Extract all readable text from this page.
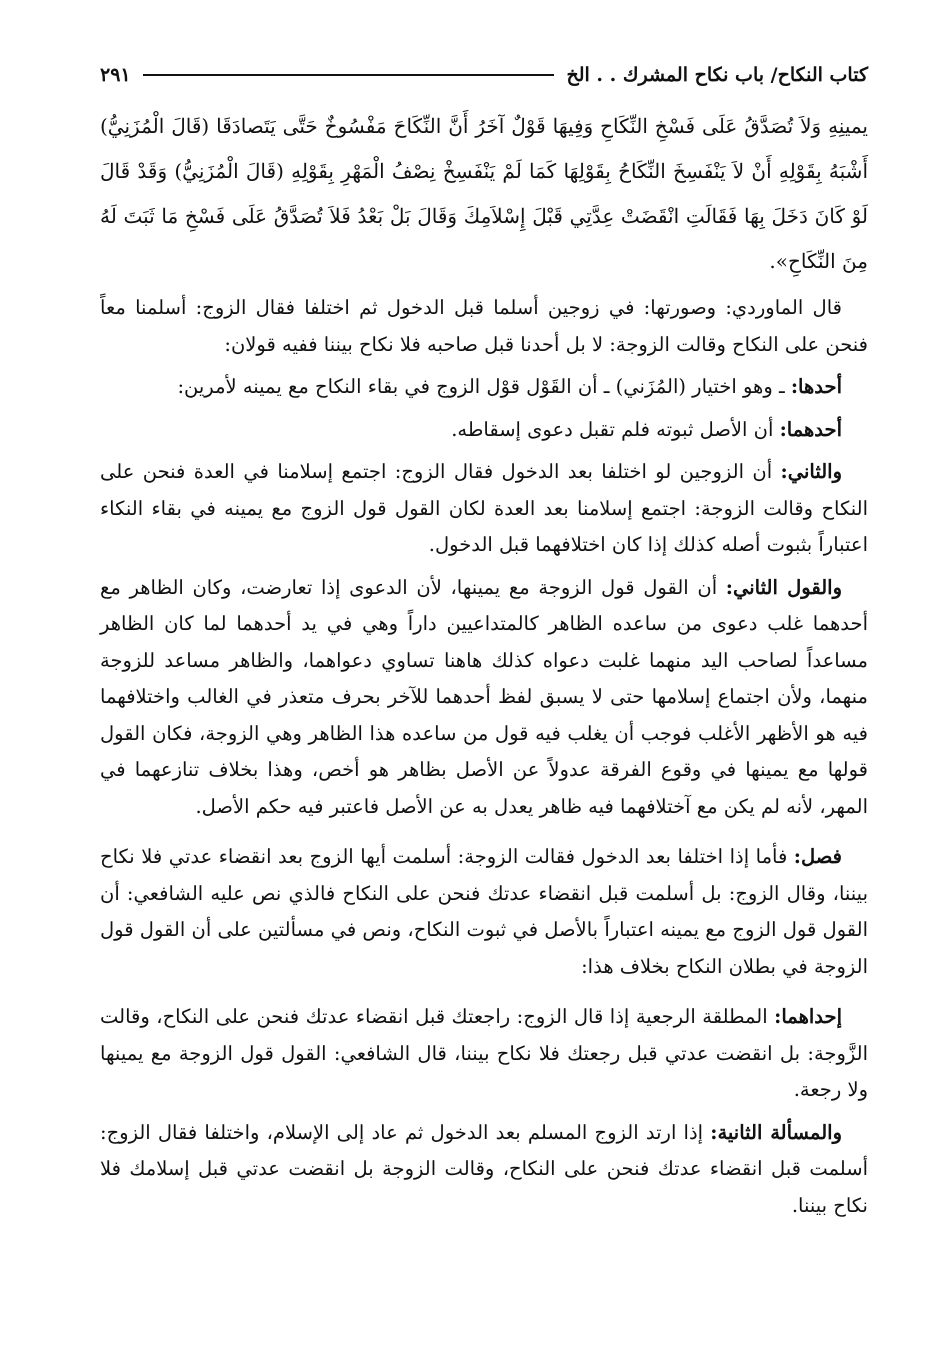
كتاب النكاح/ باب نكاح المشرك . . الخ
٢٩١

يمينِهِ وَلاَ تُصَدَّقُ عَلَى فَسْخِ النِّكَاحِ وَفِيهَا قَوْلٌ آخَرُ أَنَّ النِّكَاحَ مَفْسُوخٌ حَتَّى يَتَصادَقَا (قَالَ الْمُزَنِيُّ) أَشْبَهُ بِقَوْلِهِ أَنْ لاَ يَنْفَسِخَ النِّكَاحُ بِقَوْلِهَا كَمَا لَمْ يَنْفَسِخْ نِصْفُ الْمَهْرِ بِقَوْلِهِ (قَالَ الْمُزَنِيُّ) وَقَدْ قَالَ لَوْ كَانَ دَخَلَ بِهَا فَقَالَتِ انْقَضَتْ عِدَّتِي قَبْلَ إِسْلاَمِكَ وَقَالَ بَلْ بَعْدُ فَلاَ تُصَدَّقُ عَلَى فَسْخِ مَا ثَبَتَ لَهُ مِنَ النِّكَاحِ».

قال الماوردي: وصورتها: في زوجين أسلما قبل الدخول ثم اختلفا فقال الزوج: أسلمنا معاً فنحن على النكاح وقالت الزوجة: لا بل أحدنا قبل صاحبه فلا نكاح بيننا ففيه قولان:

أحدها: ـ وهو اختيار (المُزَني) ـ أن القَوْل قوْل الزوج في بقاء النكاح مع يمينه لأمرين:

أحدهما: أن الأصل ثبوته فلم تقبل دعوى إسقاطه.

والثاني: أن الزوجين لو اختلفا بعد الدخول فقال الزوج: اجتمع إسلامنا في العدة فنحن على النكاح وقالت الزوجة: اجتمع إسلامنا بعد العدة لكان القول قول الزوج مع يمينه في بقاء النكاء اعتباراً بثبوت أصله كذلك إذا كان اختلافهما قبل الدخول.

والقول الثاني: أن القول قول الزوجة مع يمينها، لأن الدعوى إذا تعارضت، وكان الظاهر مع أحدهما غلب دعوى من ساعده الظاهر كالمتداعيين داراً وهي في يد أحدهما لما كان الظاهر مساعداً لصاحب اليد منهما غلبت دعواه كذلك هاهنا تساوي دعواهما، والظاهر مساعد للزوجة منهما، ولأن اجتماع إسلامها حتى لا يسبق لفظ أحدهما للآخر بحرف متعذر في الغالب واختلافهما فيه هو الأظهر الأغلب فوجب أن يغلب فيه قول من ساعده هذا الظاهر وهي الزوجة، فكان القول قولها مع يمينها في وقوع الفرقة عدولاً عن الأصل بظاهر هو أخص، وهذا بخلاف تنازعهما في المهر، لأنه لم يكن مع آختلافهما فيه ظاهر يعدل به عن الأصل فاعتبر فيه حكم الأصل.

فصل: فأما إذا اختلفا بعد الدخول فقالت الزوجة: أسلمت أيها الزوج بعد انقضاء عدتي فلا نكاح بيننا، وقال الزوج: بل أسلمت قبل انقضاء عدتك فنحن على النكاح فالذي نص عليه الشافعي: أن القول قول الزوج مع يمينه اعتباراً بالأصل في ثبوت النكاح، ونص في مسألتين على أن القول قول الزوجة في بطلان النكاح بخلاف هذا:

إحداهما: المطلقة الرجعية إذا قال الزوج: راجعتك قبل انقضاء عدتك فنحن على النكاح، وقالت الزَّوجة: بل انقضت عدتي قبل رجعتك فلا نكاح بيننا، قال الشافعي: القول قول الزوجة مع يمينها ولا رجعة.

والمسألة الثانية: إذا ارتد الزوج المسلم بعد الدخول ثم عاد إلى الإسلام، واختلفا فقال الزوج: أسلمت قبل انقضاء عدتك فنحن على النكاح، وقالت الزوجة بل انقضت عدتي قبل إسلامك فلا نكاح بيننا.
